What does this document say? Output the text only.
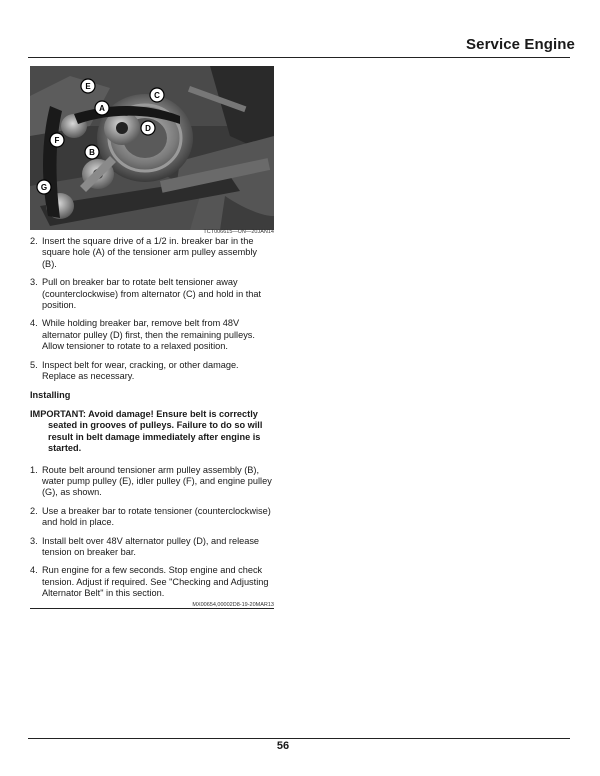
Service Engine
E
C
A
D
F
B
G
TCT006615—UN—20JAN14
2. Insert the square drive of a 1/2 in. breaker bar in the square hole (A) of the tensioner arm pulley assembly (B).
3. Pull on breaker bar to rotate belt tensioner away (counterclockwise) from alternator (C) and hold in that position.
4. While holding breaker bar, remove belt from 48V alternator pulley (D) first, then the remaining pulleys. Allow tensioner to rotate to a relaxed position.
5. Inspect belt for wear, cracking, or other damage. Replace as necessary.
Installing
IMPORTANT: Avoid damage! Ensure belt is correctly
seated in grooves of pulleys. Failure to do so will result in belt damage immediately after engine is started.
1. Route belt around tensioner arm pulley assembly (B), water pump pulley (E), idler pulley (F), and engine pulley (G), as shown.
2. Use a breaker bar to rotate tensioner (counterclockwise) and hold in place.
3. Install belt over 48V alternator pulley (D), and release tension on breaker bar.
4. Run engine for a few seconds. Stop engine and check tension. Adjust if required. See "Checking and Adjusting Alternator Belt" in this section.
MX00654,00002D8-19-20MAR13
56
